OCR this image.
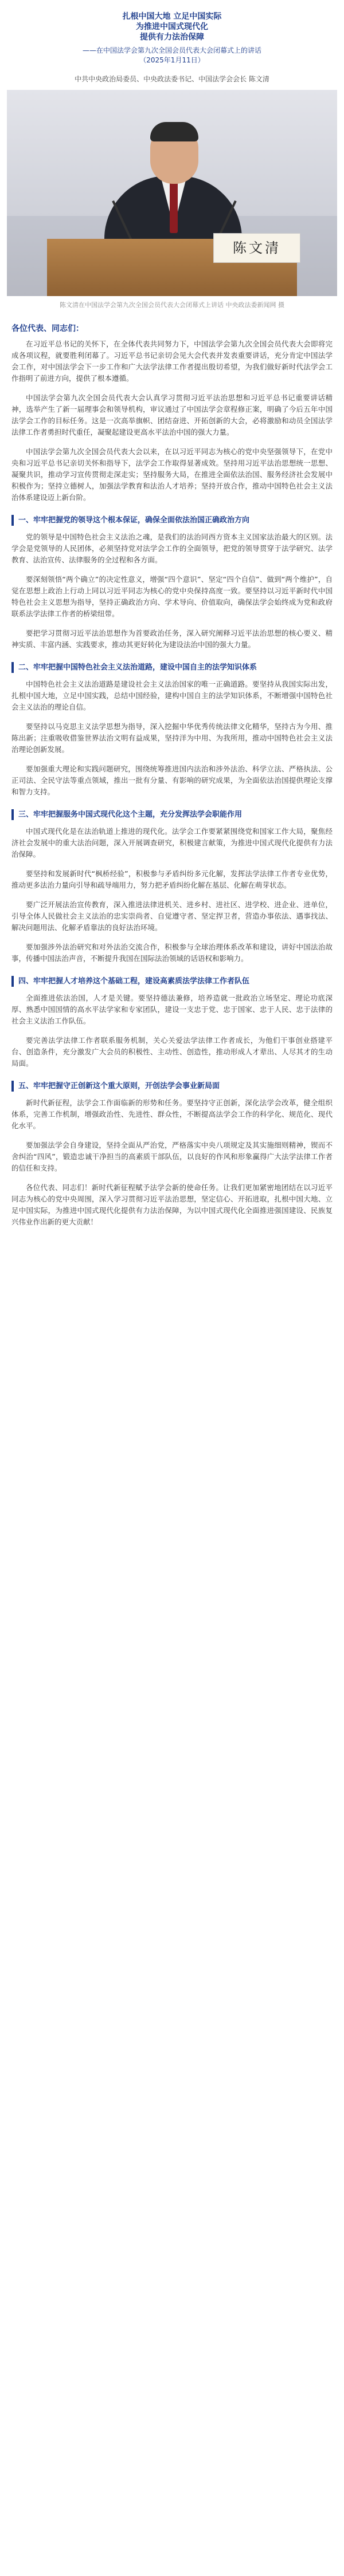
扎根中国大地 立足中国实际

为推进中国式现代化

提供有力法治保障

——在中国法学会第九次全国会员代表大会闭幕式上的讲话

（2025年1月11日）

中共中央政治局委员、中央政法委书记、中国法学会会长 陈文清

陈文清

陈文清在中国法学会第九次全国会员代表大会闭幕式上讲话 中央政法委新闻网 摄

各位代表、同志们：

在习近平总书记的关怀下，在全体代表共同努力下，中国法学会第九次全国会员代表大会即将完成各项议程，就要胜利闭幕了。习近平总书记亲切会见大会代表并发表重要讲话，充分肯定中国法学会工作，对中国法学会下一步工作和广大法学法律工作者提出殷切希望，为我们做好新时代法学会工作指明了前进方向，提供了根本遵循。

中国法学会第九次全国会员代表大会认真学习贯彻习近平法治思想和习近平总书记重要讲话精神，选举产生了新一届理事会和领导机构，审议通过了中国法学会章程修正案，明确了今后五年中国法学会工作的目标任务。这是一次高举旗帜、团结奋进、开拓创新的大会，必将激励和动员全国法学法律工作者勇担时代重任，凝聚起建设更高水平法治中国的强大力量。

中国法学会第九次全国会员代表大会以来，在以习近平同志为核心的党中央坚强领导下，在党中央和习近平总书记亲切关怀和指导下，法学会工作取得显著成效。坚持用习近平法治思想统一思想、凝聚共识，推动学习宣传贯彻走深走实；坚持服务大局，在推进全面依法治国、服务经济社会发展中积极作为；坚持立德树人，加强法学教育和法治人才培养；坚持开放合作，推动中国特色社会主义法治体系建设迈上新台阶。

一、牢牢把握党的领导这个根本保证，确保全面依法治国正确政治方向

党的领导是中国特色社会主义法治之魂，是我们的法治同西方资本主义国家法治最大的区别。法学会是党领导的人民团体，必须坚持党对法学会工作的全面领导，把党的领导贯穿于法学研究、法学教育、法治宣传、法律服务的全过程和各方面。

要深刻领悟“两个确立”的决定性意义，增强“四个意识”、坚定“四个自信”、做到“两个维护”，自觉在思想上政治上行动上同以习近平同志为核心的党中央保持高度一致。要坚持以习近平新时代中国特色社会主义思想为指导，坚持正确政治方向、学术导向、价值取向，确保法学会始终成为党和政府联系法学法律工作者的桥梁纽带。

要把学习贯彻习近平法治思想作为首要政治任务，深入研究阐释习近平法治思想的核心要义、精神实质、丰富内涵、实践要求，推动其更好转化为建设法治中国的强大力量。

二、牢牢把握中国特色社会主义法治道路，建设中国自主的法学知识体系

中国特色社会主义法治道路是建设社会主义法治国家的唯一正确道路。要坚持从我国实际出发，扎根中国大地，立足中国实践，总结中国经验，建构中国自主的法学知识体系，不断增强中国特色社会主义法治的理论自信。

要坚持以马克思主义法学思想为指导，深入挖掘中华优秀传统法律文化精华，坚持古为今用、推陈出新；注重吸收借鉴世界法治文明有益成果，坚持洋为中用、为我所用，推动中国特色社会主义法治理论创新发展。

要加强重大理论和实践问题研究，围绕统筹推进国内法治和涉外法治、科学立法、严格执法、公正司法、全民守法等重点领域，推出一批有分量、有影响的研究成果，为全面依法治国提供理论支撑和智力支持。

三、牢牢把握服务中国式现代化这个主题，充分发挥法学会职能作用

中国式现代化是在法治轨道上推进的现代化。法学会工作要紧紧围绕党和国家工作大局，聚焦经济社会发展中的重大法治问题，深入开展调查研究，积极建言献策，为推进中国式现代化提供有力法治保障。

要坚持和发展新时代“枫桥经验”，积极参与矛盾纠纷多元化解，发挥法学法律工作者专业优势，推动更多法治力量向引导和疏导端用力，努力把矛盾纠纷化解在基层、化解在萌芽状态。

要广泛开展法治宣传教育，深入推进法律进机关、进乡村、进社区、进学校、进企业、进单位，引导全体人民做社会主义法治的忠实崇尚者、自觉遵守者、坚定捍卫者，营造办事依法、遇事找法、解决问题用法、化解矛盾靠法的良好法治环境。

要加强涉外法治研究和对外法治交流合作，积极参与全球治理体系改革和建设，讲好中国法治故事，传播中国法治声音，不断提升我国在国际法治领域的话语权和影响力。

四、牢牢把握人才培养这个基础工程，建设高素质法学法律工作者队伍

全面推进依法治国，人才是关键。要坚持德法兼修，培养造就一批政治立场坚定、理论功底深厚、熟悉中国国情的高水平法学家和专家团队，建设一支忠于党、忠于国家、忠于人民、忠于法律的社会主义法治工作队伍。

要完善法学法律工作者联系服务机制，关心关爱法学法律工作者成长，为他们干事创业搭建平台、创造条件，充分激发广大会员的积极性、主动性、创造性，推动形成人才辈出、人尽其才的生动局面。

五、牢牢把握守正创新这个重大原则，开创法学会事业新局面

新时代新征程，法学会工作面临新的形势和任务。要坚持守正创新，深化法学会改革，健全组织体系，完善工作机制，增强政治性、先进性、群众性，不断提高法学会工作的科学化、规范化、现代化水平。

要加强法学会自身建设，坚持全面从严治党，严格落实中央八项规定及其实施细则精神，锲而不舍纠治“四风”，锻造忠诚干净担当的高素质干部队伍，以良好的作风和形象赢得广大法学法律工作者的信任和支持。

各位代表、同志们！新时代新征程赋予法学会新的使命任务。让我们更加紧密地团结在以习近平同志为核心的党中央周围，深入学习贯彻习近平法治思想，坚定信心、开拓进取，扎根中国大地、立足中国实际，为推进中国式现代化提供有力法治保障，为以中国式现代化全面推进强国建设、民族复兴伟业作出新的更大贡献！
